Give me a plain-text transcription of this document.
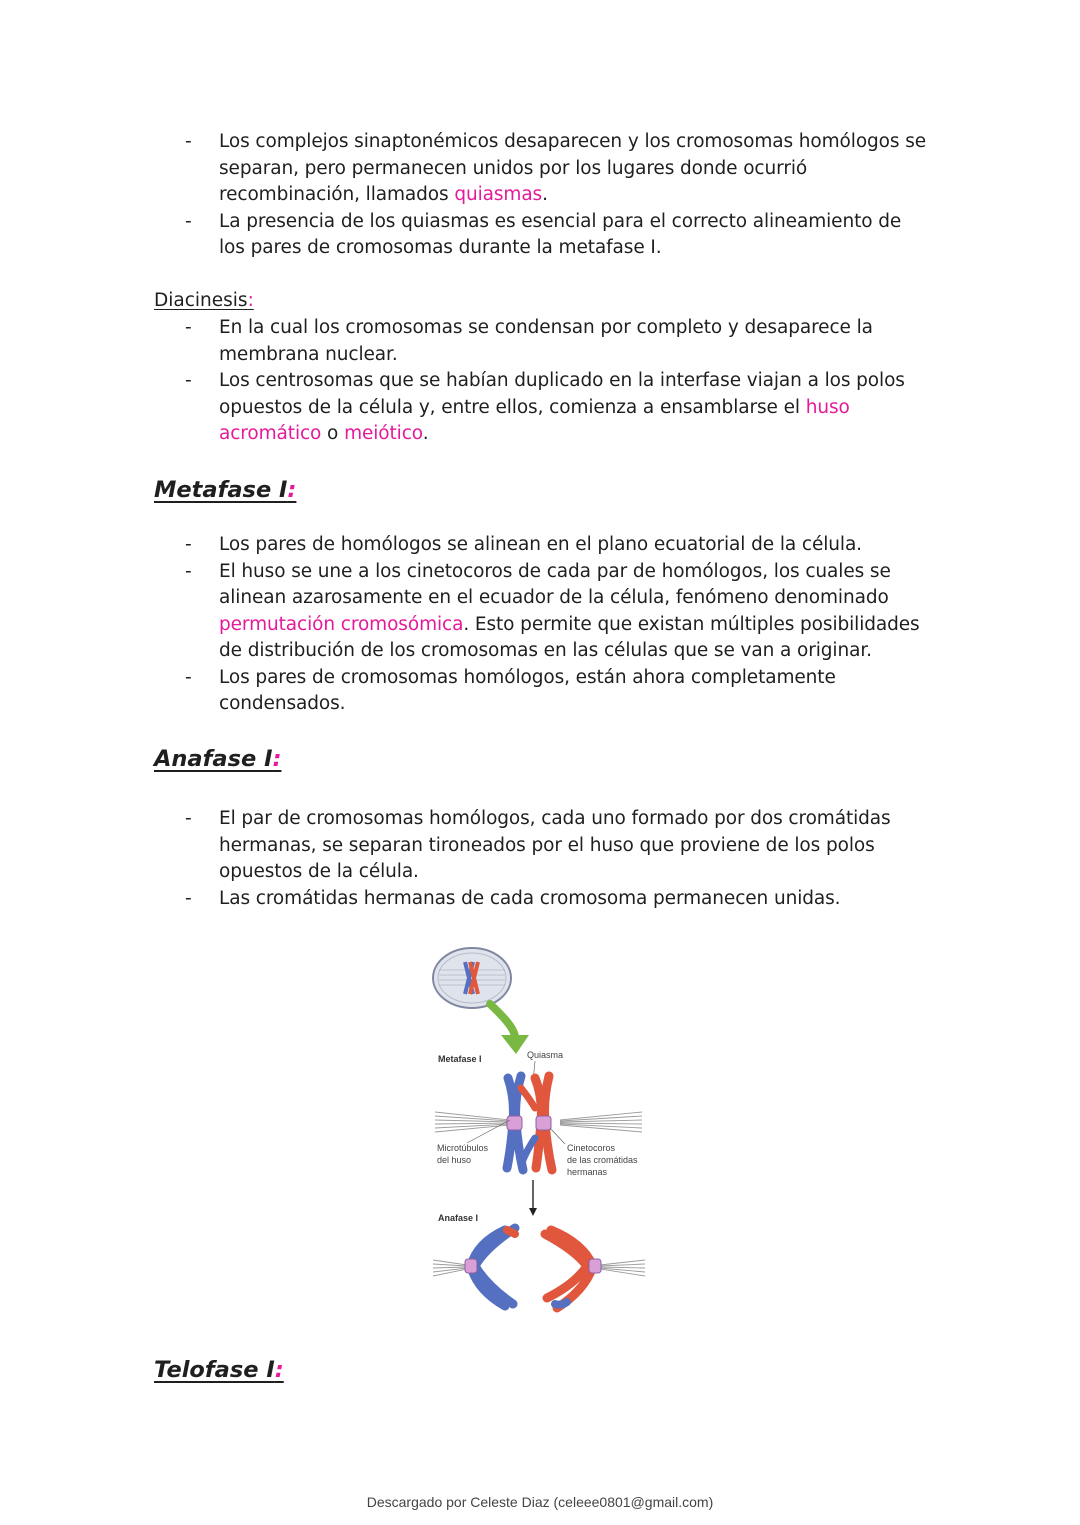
- Los complejos sinaptonémicos desaparecen y los cromosomas homólogos se separan, pero permanecen unidos por los lugares donde ocurrió recombinación, llamados quiasmas.
- La presencia de los quiasmas es esencial para el correcto alineamiento de los pares de cromosomas durante la metafase I.
Diacinesis:
- En la cual los cromosomas se condensan por completo y desaparece la membrana nuclear.
- Los centrosomas que se habían duplicado en la interfase viajan a los polos opuestos de la célula y, entre ellos, comienza a ensamblarse el huso acromático o meiótico.
Metafase I:
- Los pares de homólogos se alinean en el plano ecuatorial de la célula.
- El huso se une a los cinetocoros de cada par de homólogos, los cuales se alinean azarosamente en el ecuador de la célula, fenómeno denominado permutación cromosómica. Esto permite que existan múltiples posibilidades de distribución de los cromosomas en las células que se van a originar.
- Los pares de cromosomas homólogos, están ahora completamente condensados.
Anafase I:
- El par de cromosomas homólogos, cada uno formado por dos cromátidas hermanas, se separan tironeados por el huso que proviene de los polos opuestos de la célula.
- Las cromátidas hermanas de cada cromosoma permanecen unidas.
Metafase I	Quiasma
Microtúbulos
del huso
Cinetocoros
de las cromátidas
hermanas
Anafase I
Telofase I:
Descargado por Celeste Diaz (celeee0801@gmail.com)
